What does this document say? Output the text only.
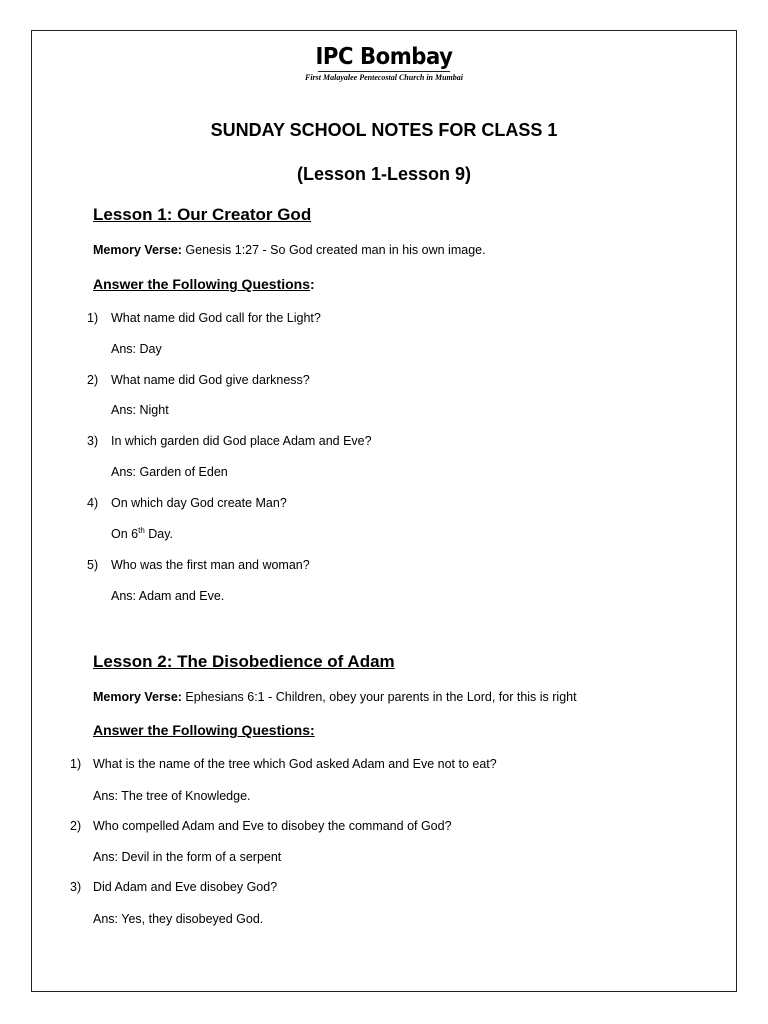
IPC Bombay
First Malayalee Pentecostal Church in Mumbai
SUNDAY SCHOOL NOTES FOR CLASS 1
(Lesson 1-Lesson 9)
Lesson 1: Our Creator God
Memory Verse: Genesis 1:27 - So God created man in his own image.
Answer the Following Questions:
1) What name did God call for the Light?
Ans: Day
2) What name did God give darkness?
Ans: Night
3) In which garden did God place Adam and Eve?
Ans: Garden of Eden
4) On which day God create Man?
On 6th Day.
5) Who was the first man and woman?
Ans: Adam and Eve.
Lesson 2: The Disobedience of Adam
Memory Verse: Ephesians 6:1 - Children, obey your parents in the Lord, for this is right
Answer the Following Questions:
1) What is the name of the tree which God asked Adam and Eve not to eat?
Ans: The tree of Knowledge.
2) Who compelled Adam and Eve to disobey the command of God?
Ans: Devil in the form of a serpent
3) Did Adam and Eve disobey God?
Ans: Yes, they disobeyed God.
